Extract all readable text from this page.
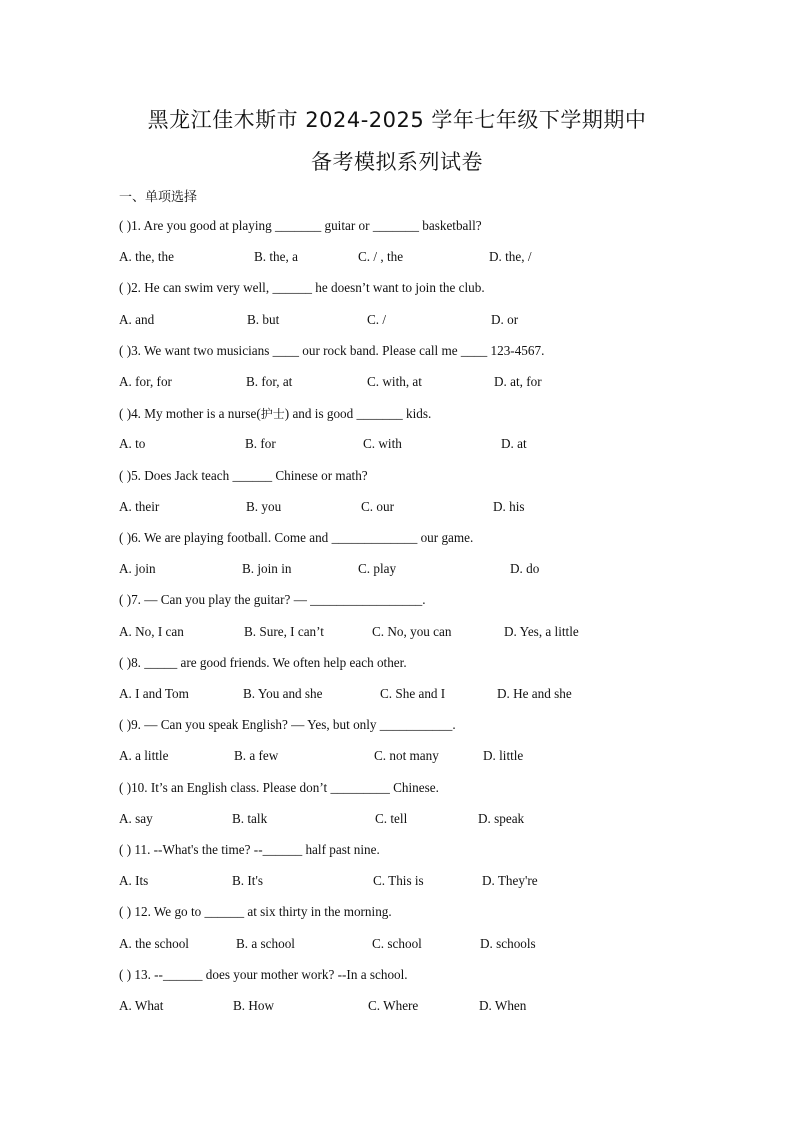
黑龙江佳木斯市 2024-2025 学年七年级下学期期中
备考模拟系列试卷
一、单项选择
( )1. Are you good at playing _______ guitar or _______ basketball?
A. the, the	B. the, a	C. / , the	D. the, /
( )2. He can swim very well, ______ he doesn’t want to join the club.
A. and	B. but	C. /	D. or
( )3. We want two musicians ____ our rock band. Please call me ____ 123-4567.
A. for, for	B. for, at	C. with, at	D. at, for
( )4. My mother is a nurse(护士) and is good _______ kids.
A. to	B. for	C. with	D. at
( )5. Does Jack teach ______ Chinese or math?
A. their	B. you	C. our	D. his
( )6. We are playing football. Come and _____________ our game.
A. join	B. join in	C. play	D. do
( )7. — Can you play the guitar? — _________________.
A. No, I can	B. Sure, I can’t	C. No, you can	D. Yes, a little
( )8. _____ are good friends. We often help each other.
A. I and Tom	B. You and she	C. She and I	D. He and she
( )9. — Can you speak English? — Yes, but only ___________.
A. a little	B. a few	C. not many	D. little
( )10. It’s an English class. Please don’t _________ Chinese.
A. say	B. talk	C. tell	D. speak
( ) 11. --What's the time? --______ half past nine.
A. Its	B. It's	C. This is	D. They're
( ) 12. We go to ______ at six thirty in the morning.
A. the school	B. a school	C. school	D. schools
( ) 13. --______ does your mother work? --In a school.
A. What	B. How	C. Where	D. When
